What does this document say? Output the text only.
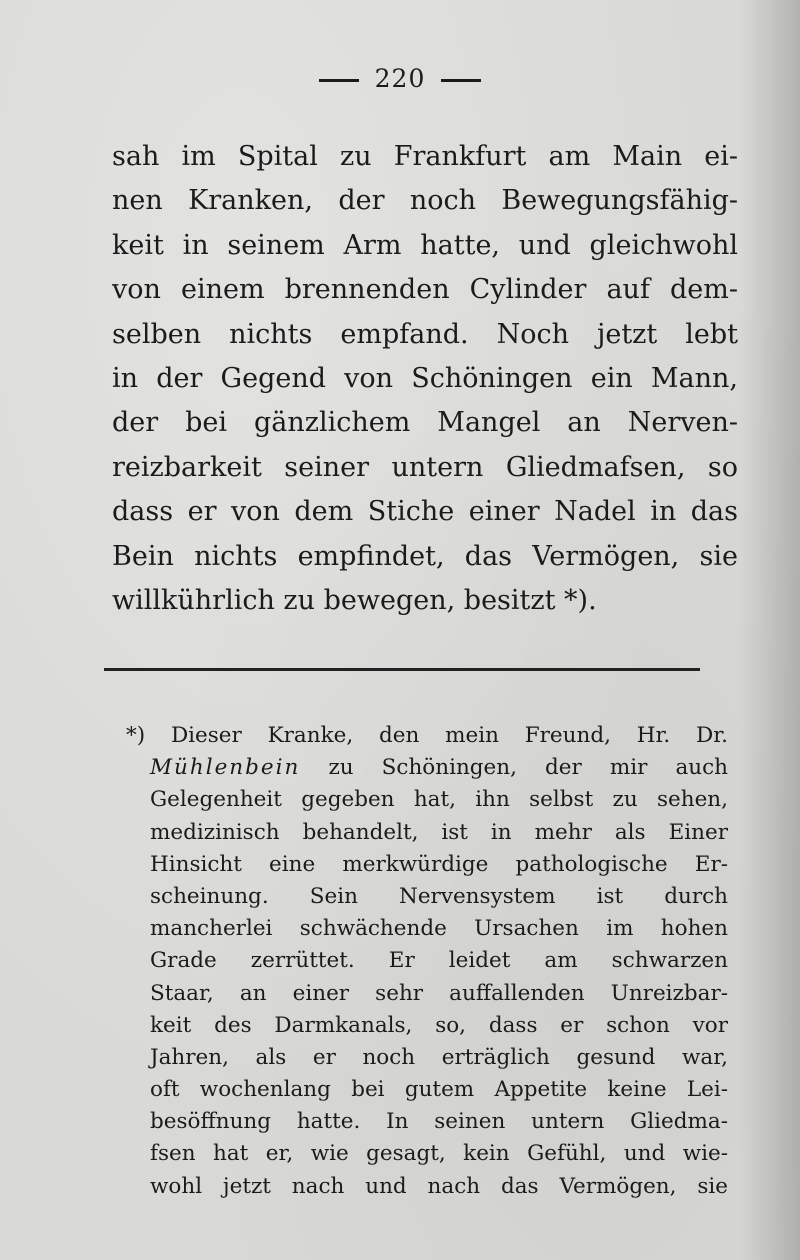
220
sah im Spital zu Frankfurt am Main ei-
nen Kranken, der noch Bewegungsfähig-
keit in seinem Arm hatte, und gleichwohl
von einem brennenden Cylinder auf dem-
selben nichts empfand. Noch jetzt lebt
in der Gegend von Schöningen ein Mann,
der bei gänzlichem Mangel an Nerven-
reizbarkeit seiner untern Gliedmafsen, so
dass er von dem Stiche einer Nadel in das
Bein nichts empfindet, das Vermögen, sie
willkührlich zu bewegen, besitzt *).
*) Dieser Kranke, den mein Freund, Hr. Dr.
Mühlenbein zu Schöningen, der mir auch
Gelegenheit gegeben hat, ihn selbst zu sehen,
medizinisch behandelt, ist in mehr als Einer
Hinsicht eine merkwürdige pathologische Er-
scheinung. Sein Nervensystem ist durch
mancherlei schwächende Ursachen im hohen
Grade zerrüttet. Er leidet am schwarzen
Staar, an einer sehr auffallenden Unreizbar-
keit des Darmkanals, so, dass er schon vor
Jahren, als er noch erträglich gesund war,
oft wochenlang bei gutem Appetite keine Lei-
besöffnung hatte. In seinen untern Gliedma-
fsen hat er, wie gesagt, kein Gefühl, und wie-
wohl jetzt nach und nach das Vermögen, sie
